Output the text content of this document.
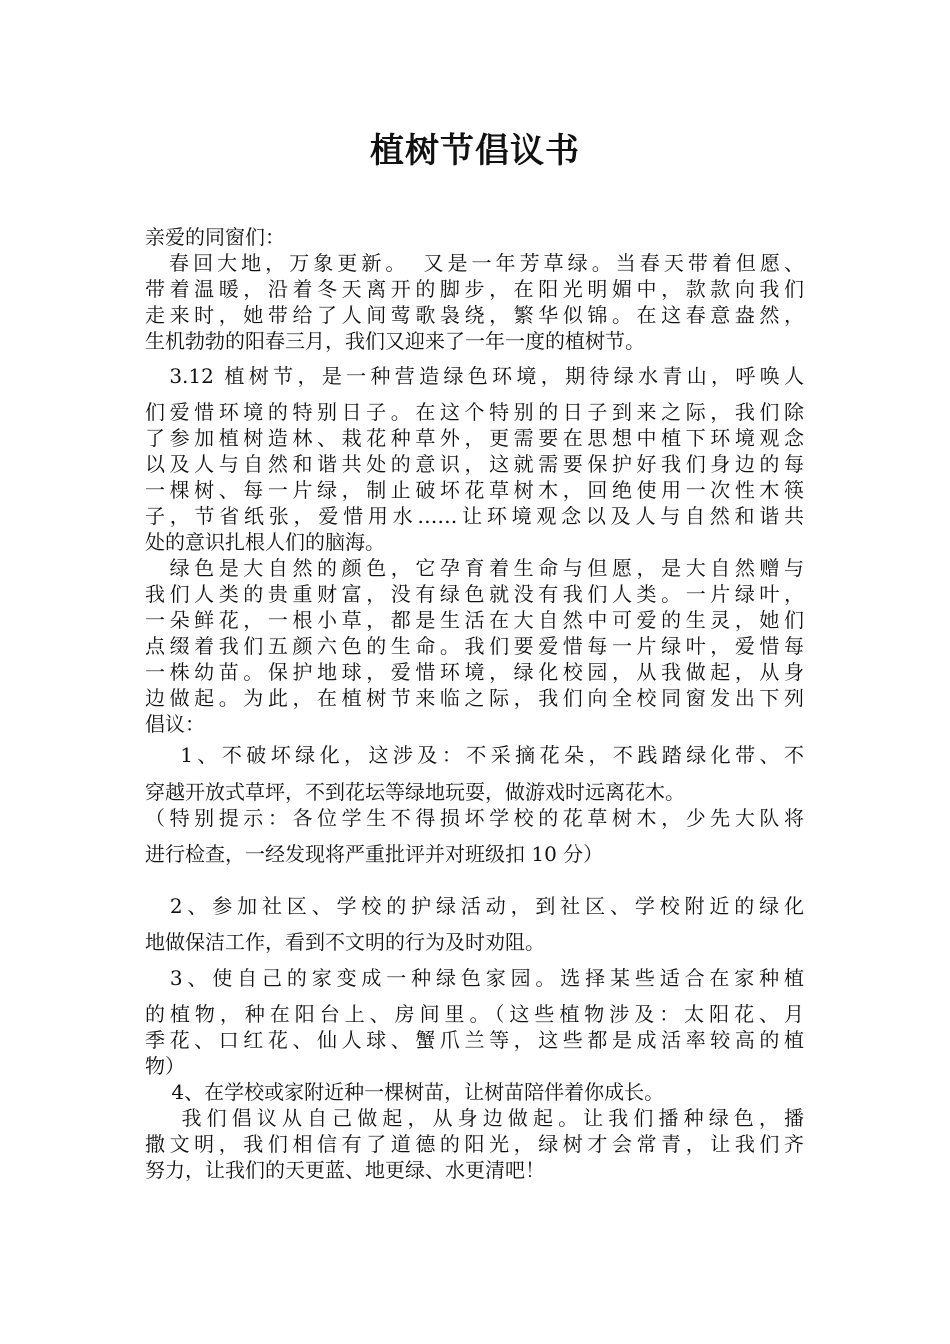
植树节倡议书
亲爱的同窗们：
　春回大地，万象更新。　又是一年芳草绿。当春天带着但愿、
带着温暖，沿着冬天离开的脚步，在阳光明媚中，款款向我们
走来时，她带给了人间莺歌袅绕，繁华似锦。在这春意盎然，
生机勃勃的阳春三月，我们又迎来了一年一度的植树节。
　3.12 植树节，是一种营造绿色环境，期待绿水青山，呼唤人
们爱惜环境的特别日子。在这个特别的日子到来之际，我们除
了参加植树造林、栽花种草外，更需要在思想中植下环境观念
以及人与自然和谐共处的意识，这就需要保护好我们身边的每
一棵树、每一片绿，制止破坏花草树木，回绝使用一次性木筷
子，节省纸张，爱惜用水……让环境观念以及人与自然和谐共
处的意识扎根人们的脑海。
　绿色是大自然的颜色，它孕育着生命与但愿，是大自然赠与
我们人类的贵重财富，没有绿色就没有我们人类。一片绿叶，
一朵鲜花，一根小草，都是生活在大自然中可爱的生灵，她们
点缀着我们五颜六色的生命。我们要爱惜每一片绿叶，爱惜每
一株幼苗。保护地球，爱惜环境，绿化校园，从我做起，从身
边做起。为此，在植树节来临之际，我们向全校同窗发出下列
倡议：
　 1、不破坏绿化，这涉及：不采摘花朵，不践踏绿化带、不
穿越开放式草坪，不到花坛等绿地玩耍，做游戏时远离花木。
（特别提示：各位学生不得损坏学校的花草树木，少先大队将
进行检查，一经发现将严重批评并对班级扣 10 分）
　2、参加社区、学校的护绿活动，到社区、学校附近的绿化
地做保洁工作，看到不文明的行为及时劝阻。
　3、使自己的家变成一种绿色家园。选择某些适合在家种植
的植物，种在阳台上、房间里。（这些植物涉及：太阳花、月
季花、口红花、仙人球、蟹爪兰等，这些都是成活率较高的植
物）
　 4、在学校或家附近种一棵树苗，让树苗陪伴着你成长。
　 我们倡议从自己做起，从身边做起。让我们播种绿色，播
撒文明，我们相信有了道德的阳光，绿树才会常青，让我们齐
努力，让我们的天更蓝、地更绿、水更清吧！
